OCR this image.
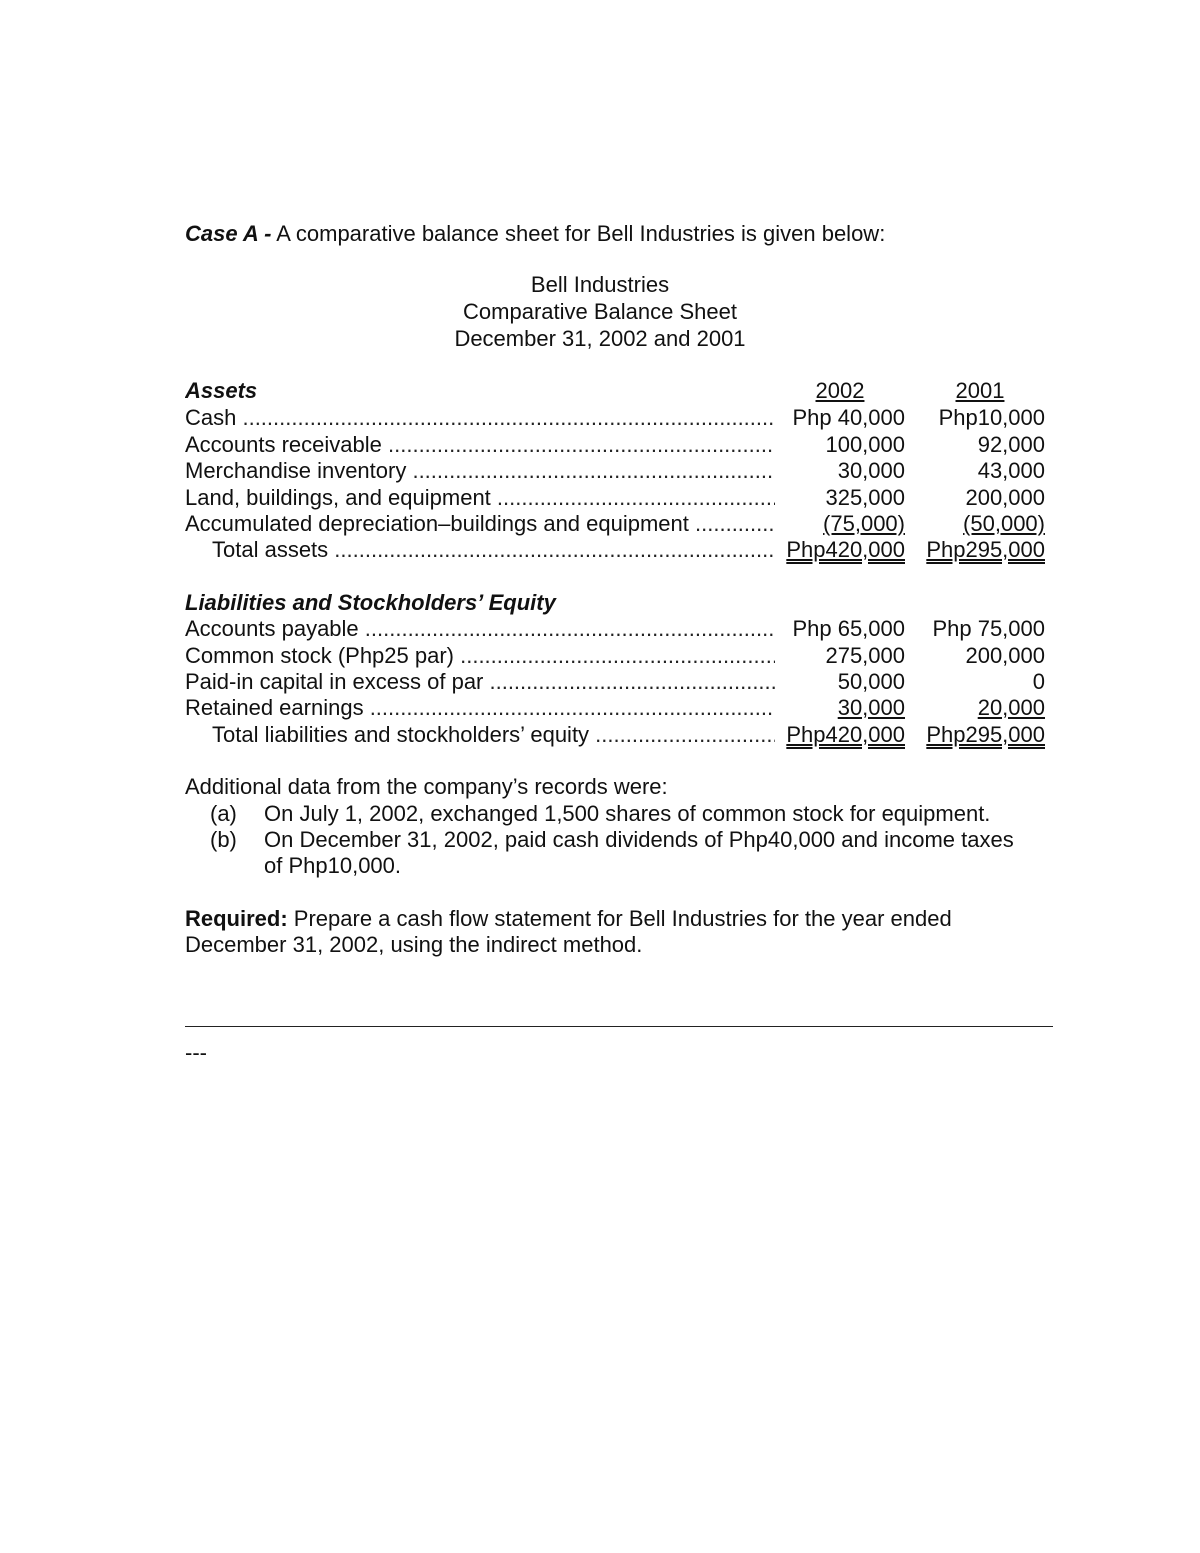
Case A - A comparative balance sheet for Bell Industries is given below:
Bell Industries
Comparative Balance Sheet
December 31, 2002 and 2001
Assets	2002	2001
Cash .....	Php 40,000	Php10,000
Accounts receivable .....	100,000	92,000
Merchandise inventory .....	30,000	43,000
Land, buildings, and equipment .....	325,000	200,000
Accumulated depreciation–buildings and equipment .....	(75,000)	(50,000)
Total assets .....	Php420,000 Php295,000
Liabilities and Stockholders’ Equity
Accounts payable .....	Php 65,000	Php 75,000
Common stock (Php25 par) .....	275,000	200,000
Paid-in capital in excess of par .....	50,000	0
Retained earnings .....	30,000	20,000
Total liabilities and stockholders’ equity .....	Php420,000 Php295,000
Additional data from the company’s records were:
(a) On July 1, 2002, exchanged 1,500 shares of common stock for equipment.
(b) On December 31, 2002, paid cash dividends of Php40,000 and income taxes of Php10,000.
Required: Prepare a cash flow statement for Bell Industries for the year ended December 31, 2002, using the indirect method.
---
